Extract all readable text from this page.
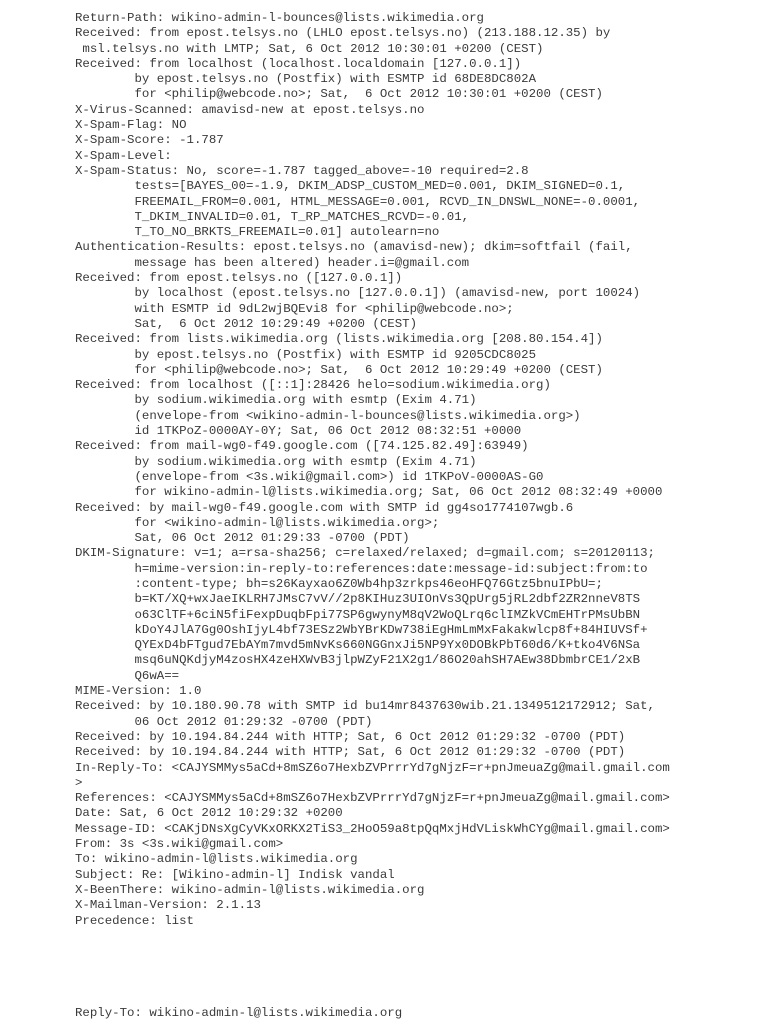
Return-Path: wikino-admin-l-bounces@lists.wikimedia.org
Received: from epost.telsys.no (LHLO epost.telsys.no) (213.188.12.35) by
msl.telsys.no with LMTP; Sat, 6 Oct 2012 10:30:01 +0200 (CEST)
Received: from localhost (localhost.localdomain [127.0.0.1])
by epost.telsys.no (Postfix) with ESMTP id 68DE8DC802A
for <philip@webcode.no>; Sat,  6 Oct 2012 10:30:01 +0200 (CEST)
X-Virus-Scanned: amavisd-new at epost.telsys.no
X-Spam-Flag: NO
X-Spam-Score: -1.787
X-Spam-Level:
X-Spam-Status: No, score=-1.787 tagged_above=-10 required=2.8
tests=[BAYES_00=-1.9, DKIM_ADSP_CUSTOM_MED=0.001, DKIM_SIGNED=0.1,
FREEMAIL_FROM=0.001, HTML_MESSAGE=0.001, RCVD_IN_DNSWL_NONE=-0.0001,
T_DKIM_INVALID=0.01, T_RP_MATCHES_RCVD=-0.01,
T_TO_NO_BRKTS_FREEMAIL=0.01] autolearn=no
Authentication-Results: epost.telsys.no (amavisd-new); dkim=softfail (fail,
message has been altered) header.i=@gmail.com
Received: from epost.telsys.no ([127.0.0.1])
by localhost (epost.telsys.no [127.0.0.1]) (amavisd-new, port 10024)
with ESMTP id 9dL2wjBQEvi8 for <philip@webcode.no>;
Sat,  6 Oct 2012 10:29:49 +0200 (CEST)
Received: from lists.wikimedia.org (lists.wikimedia.org [208.80.154.4])
by epost.telsys.no (Postfix) with ESMTP id 9205CDC8025
for <philip@webcode.no>; Sat,  6 Oct 2012 10:29:49 +0200 (CEST)
Received: from localhost ([::1]:28426 helo=sodium.wikimedia.org)
by sodium.wikimedia.org with esmtp (Exim 4.71)
(envelope-from <wikino-admin-l-bounces@lists.wikimedia.org>)
id 1TKPoZ-0000AY-0Y; Sat, 06 Oct 2012 08:32:51 +0000
Received: from mail-wg0-f49.google.com ([74.125.82.49]:63949)
by sodium.wikimedia.org with esmtp (Exim 4.71)
(envelope-from <3s.wiki@gmail.com>) id 1TKPoV-0000AS-G0
for wikino-admin-l@lists.wikimedia.org; Sat, 06 Oct 2012 08:32:49 +0000
Received: by mail-wg0-f49.google.com with SMTP id gg4so1774107wgb.6
for <wikino-admin-l@lists.wikimedia.org>;
Sat, 06 Oct 2012 01:29:33 -0700 (PDT)
DKIM-Signature: v=1; a=rsa-sha256; c=relaxed/relaxed; d=gmail.com; s=20120113;
h=mime-version:in-reply-to:references:date:message-id:subject:from:to
:content-type; bh=s26Kayxao6Z0Wb4hp3zrkps46eoHFQ76Gtz5bnuIPbU=;
b=KT/XQ+wxJaeIKLRH7JMsC7vV//2p8KIHuz3UIOnVs3QpUrg5jRL2dbf2ZR2nneV8TS
o63ClTF+6ciN5fiFexpDuqbFpi77SP6gwynyM8qV2WoQLrq6clIMZkVCmEHTrPMsUbBN
kDoY4JlA7Gg0OshIjyL4bf73ESz2WbYBrKDw738iEgHmLmMxFakakwlcp8f+84HIUVSf+
QYExD4bFTgud7EbAYm7mvd5mNvKs660NGGnxJi5NP9Yx0DOBkPbT60d6/K+tko4V6NSa
msq6uNQKdjyM4zosHX4zeHXWvB3jlpWZyF21X2g1/86O20ahSH7AEw38DbmbrCE1/2xB
Q6wA==
MIME-Version: 1.0
Received: by 10.180.90.78 with SMTP id bu14mr8437630wib.21.1349512172912; Sat,
06 Oct 2012 01:29:32 -0700 (PDT)
Received: by 10.194.84.244 with HTTP; Sat, 6 Oct 2012 01:29:32 -0700 (PDT)
Received: by 10.194.84.244 with HTTP; Sat, 6 Oct 2012 01:29:32 -0700 (PDT)
In-Reply-To: <CAJYSMMys5aCd+8mSZ6o7HexbZVPrrrYd7gNjzF=r+pnJmeuaZg@mail.gmail.com
>
References: <CAJYSMMys5aCd+8mSZ6o7HexbZVPrrrYd7gNjzF=r+pnJmeuaZg@mail.gmail.com>
Date: Sat, 6 Oct 2012 10:29:32 +0200
Message-ID: <CAKjDNsXgCyVKxORKX2TiS3_2HoO59a8tpQqMxjHdVLiskWhCYg@mail.gmail.com>
From: 3s <3s.wiki@gmail.com>
To: wikino-admin-l@lists.wikimedia.org
Subject: Re: [Wikino-admin-l] Indisk vandal
X-BeenThere: wikino-admin-l@lists.wikimedia.org
X-Mailman-Version: 2.1.13
Precedence: list
Reply-To: wikino-admin-l@lists.wikimedia.org
